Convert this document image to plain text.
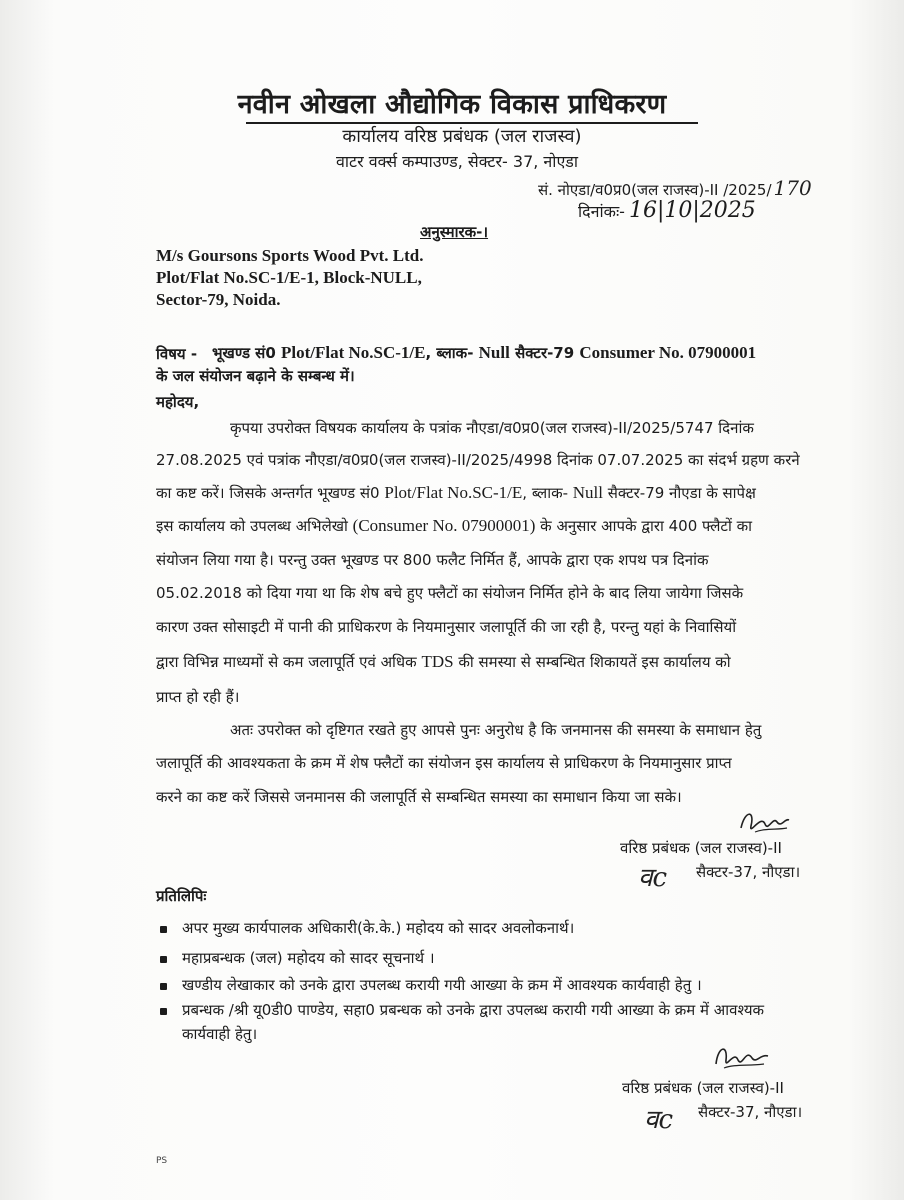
नवीन ओखला औद्योगिक विकास प्राधिकरण
कार्यालय वरिष्ठ प्रबंधक (जल राजस्व)
वाटर वर्क्स कम्पाउण्ड, सेक्टर- 37, नोएडा
सं. नोएडा/व0प्र0(जल राजस्व)-II /2025/ 170
दिनांकः- 16|10|2025
अनुस्मारक-।
M/s Goursons Sports Wood Pvt. Ltd.
Plot/Flat No.SC-1/E-1, Block-NULL,
Sector-79, Noida.
विषय - भूखण्ड सं0 Plot/Flat No.SC-1/E, ब्लाक- Null सैक्टर-79 Consumer No. 07900001
के जल संयोजन बढ़ाने के सम्बन्ध में।
महोदय,
कृपया उपरोक्त विषयक कार्यालय के पत्रांक नौएडा/व0प्र0(जल राजस्व)-II/2025/5747 दिनांक
27.08.2025 एवं पत्रांक नौएडा/व0प्र0(जल राजस्व)-II/2025/4998 दिनांक 07.07.2025 का संदर्भ ग्रहण करने
का कष्ट करें। जिसके अन्तर्गत भूखण्ड सं0 Plot/Flat No.SC-1/E, ब्लाक- Null सैक्टर-79 नौएडा के सापेक्ष
इस कार्यालय को उपलब्ध अभिलेखो (Consumer No. 07900001) के अनुसार आपके द्वारा 400 फ्लैटों का
संयोजन लिया गया है। परन्तु उक्त भूखण्ड पर 800 फलैट निर्मित हैं, आपके द्वारा एक शपथ पत्र दिनांक
05.02.2018 को दिया गया था कि शेष बचे हुए फ्लैटों का संयोजन निर्मित होने के बाद लिया जायेगा जिसके
कारण उक्त सोसाइटी में पानी की प्राधिकरण के नियमानुसार जलापूर्ति की जा रही है, परन्तु यहां के निवासियों
द्वारा विभिन्न माध्यमों से कम जलापूर्ति एवं अधिक TDS की समस्या से सम्बन्धित शिकायतें इस कार्यालय को
प्राप्त हो रही हैं।
अतः उपरोक्त को दृष्टिगत रखते हुए आपसे पुनः अनुरोध है कि जनमानस की समस्या के समाधान हेतु
जलापूर्ति की आवश्यकता के क्रम में शेष फ्लैटों का संयोजन इस कार्यालय से प्राधिकरण के नियमानुसार प्राप्त
करने का कष्ट करें जिससे जनमानस की जलापूर्ति से सम्बन्धित समस्या का समाधान किया जा सके।
वरिष्ठ प्रबंधक (जल राजस्व)-II
वc सैक्टर-37, नौएडा।
प्रतिलिपिः
अपर मुख्य कार्यपालक अधिकारी(के.के.) महोदय को सादर अवलोकनार्थ।
महाप्रबन्धक (जल) महोदय को सादर सूचनार्थ ।
खण्डीय लेखाकार को उनके द्वारा उपलब्ध करायी गयी आख्या के क्रम में आवश्यक कार्यवाही हेतु ।
प्रबन्धक /श्री यू0डी0 पाण्डेय, सहा0 प्रबन्धक को उनके द्वारा उपलब्ध करायी गयी आख्या के क्रम में आवश्यक
कार्यवाही हेतु।
वरिष्ठ प्रबंधक (जल राजस्व)-II
वc सैक्टर-37, नौएडा।
PS
